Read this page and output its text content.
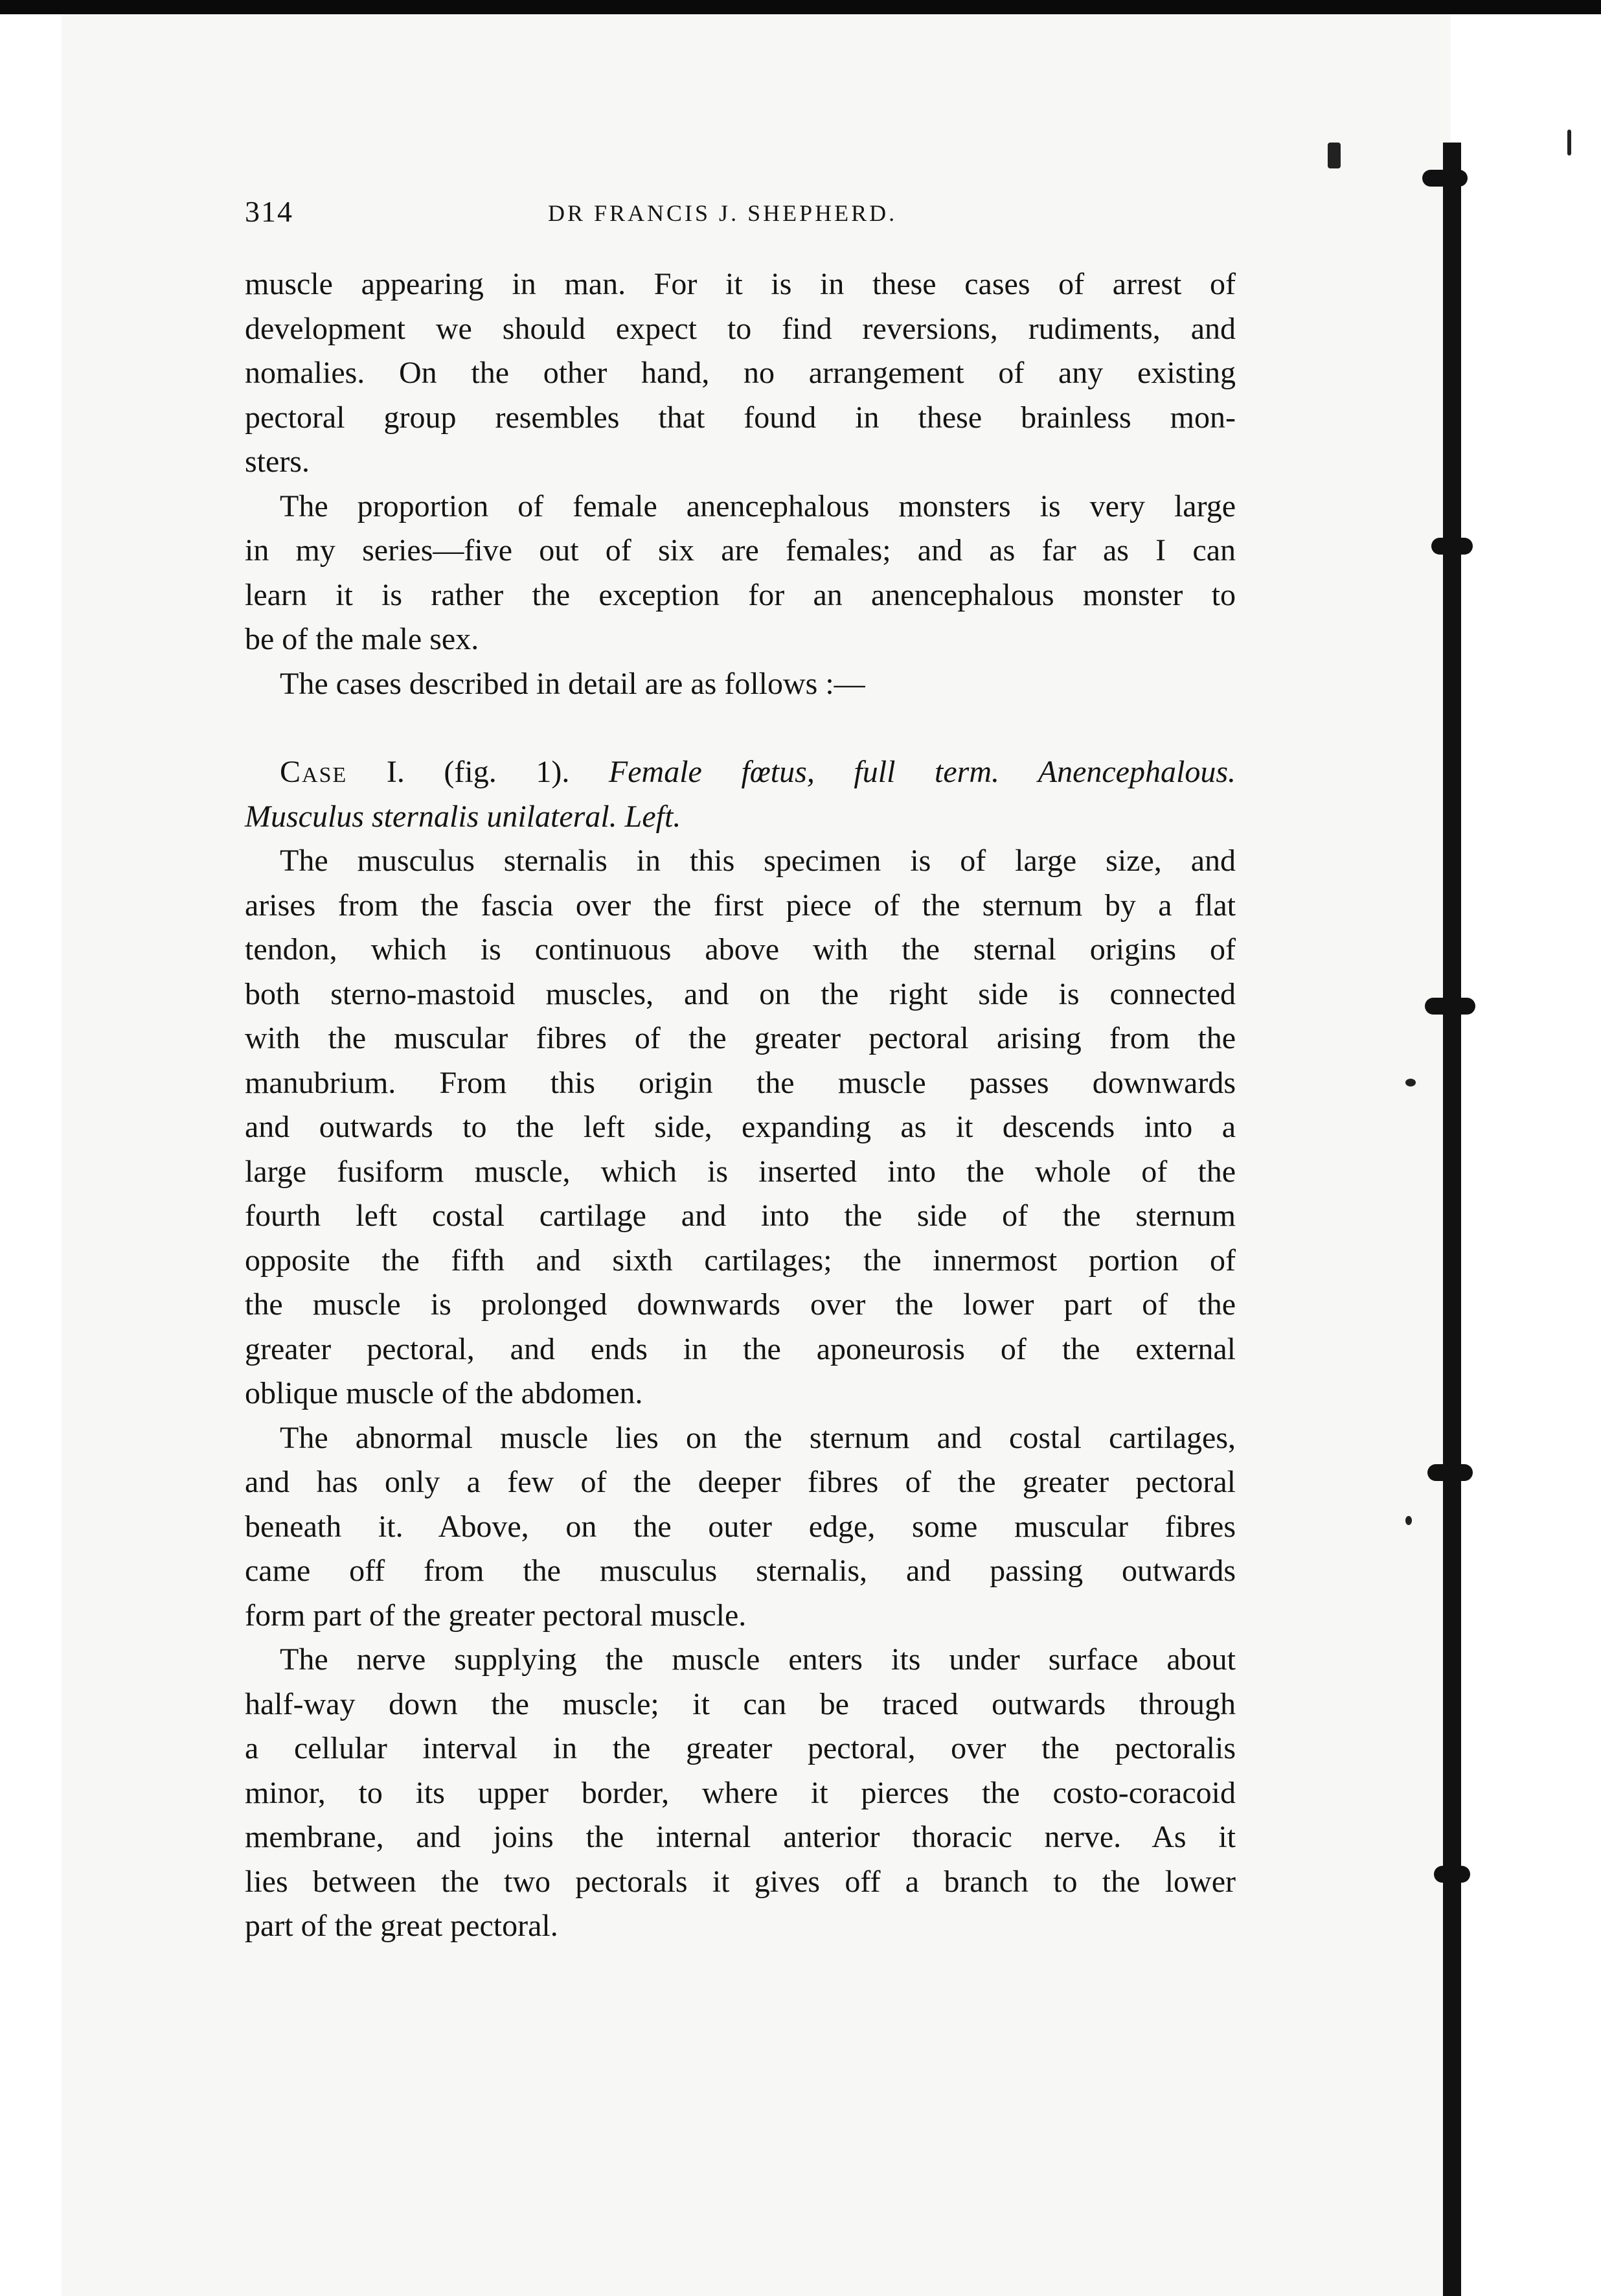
314	DR FRANCIS J. SHEPHERD.
muscle appearing in man. For it is in these cases of arrest of
development we should expect to find reversions, rudiments, and
nomalies. On the other hand, no arrangement of any existing
pectoral group resembles that found in these brainless mon-
sters.
The proportion of female anencephalous monsters is very large
in my series—five out of six are females; and as far as I can
learn it is rather the exception for an anencephalous monster to
be of the male sex.
The cases described in detail are as follows :—
Case I. (fig. 1). Female fœtus, full term. Anencephalous.
Musculus sternalis unilateral. Left.
The musculus sternalis in this specimen is of large size, and
arises from the fascia over the first piece of the sternum by a flat
tendon, which is continuous above with the sternal origins of
both sterno-mastoid muscles, and on the right side is connected
with the muscular fibres of the greater pectoral arising from the
manubrium. From this origin the muscle passes downwards
and outwards to the left side, expanding as it descends into a
large fusiform muscle, which is inserted into the whole of the
fourth left costal cartilage and into the side of the sternum
opposite the fifth and sixth cartilages; the innermost portion of
the muscle is prolonged downwards over the lower part of the
greater pectoral, and ends in the aponeurosis of the external
oblique muscle of the abdomen.
The abnormal muscle lies on the sternum and costal cartilages,
and has only a few of the deeper fibres of the greater pectoral
beneath it. Above, on the outer edge, some muscular fibres
came off from the musculus sternalis, and passing outwards
form part of the greater pectoral muscle.
The nerve supplying the muscle enters its under surface about
half-way down the muscle; it can be traced outwards through
a cellular interval in the greater pectoral, over the pectoralis
minor, to its upper border, where it pierces the costo-coracoid
membrane, and joins the internal anterior thoracic nerve. As it
lies between the two pectorals it gives off a branch to the lower
part of the great pectoral.
